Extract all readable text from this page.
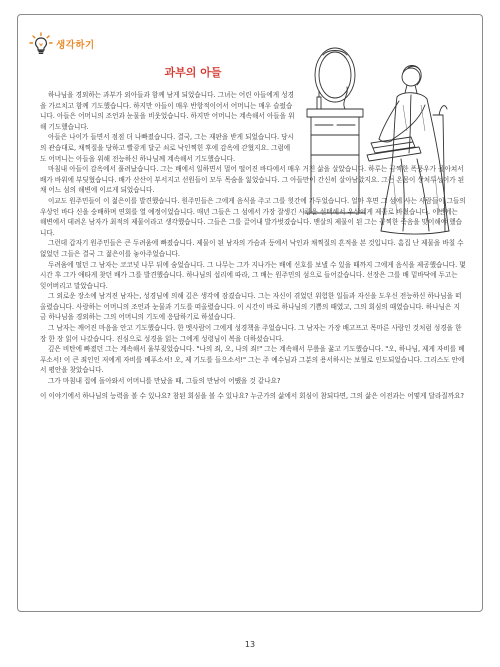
생각하기
과부의 아들

하나님을 경외하는 과부가 외아들과 함께 남게 되었습니다. 그녀는 어린 아들에게 성경을 가르치고 함께 기도했습니다. 하지만 아들이 매우 반항적이어서 어머니는 매우 슬펐습니다. 아들은 어머니의 조언과 눈물을 비웃었습니다. 하지만 어머니는 계속해서 아들을 위해 기도했습니다.

아들은 나이가 들면서 점점 더 나빠졌습니다. 결국, 그는 재판을 받게 되었습니다. 당시의 관습대로, 채찍질을 당하고 빨갛게 달군 쇠로 낙인찍힌 후에 감옥에 갇혔지요. 그럼에도 어머니는 아들을 위해 전능하신 하나님께 계속해서 기도했습니다.

마침내 아들이 감옥에서 풀려났습니다. 그는 배에서 일하면서 멀어 떨어진 바다에서 매우 거친 삶을 살았습니다. 하루는 끔찍한 폭풍우가 몰아쳐서 배가 바위에 부딪혔습니다. 배가 산산이 부서지고 선원들이 모두 목숨을 잃었습니다. 그 아들만이 간신히 살아남았지요. 그는 온몸이 상처투성이가 된 채 어느 섬의 해변에 이르게 되었습니다.

이교도 원주민들이 이 젊은이를 발견했습니다. 원주민들은 그에게 음식을 주고 그를 헛간에 가두었습니다. 얼마 후면 그 섬에 사는 사람들이 그들의 우상인 바다 신을 숭배하며 연회를 열 예정이었습니다. 매년 그들은 그 섬에서 가장 잘생긴 사람을 선택해서 우상에게 제물로 바쳤습니다. 이번에는 해변에서 데려온 남자가 최적의 제물이라고 생각했습니다. 그들은 그를 끌어내 발가벗겼습니다. 맨살의 제물이 된 그는 끔찍한 죽음을 맞이해야 했습니다.

그런데 갑자기 원주민들은 큰 두려움에 빠졌습니다. 제물이 된 남자의 가슴과 등에서 낙인과 채찍질의 흔적을 본 것입니다. 흠집 난 제물을 바칠 수 없었던 그들은 결국 그 젊은이를 놓아주었습니다.

두려움에 떨던 그 남자는 코코넛 나무 뒤에 숨었습니다. 그 나무는 그가 지나가는 배에 신호를 보낼 수 있을 때까지 그에게 음식을 제공했습니다. 몇시간 후 그가 애타게 찾던 배가 그를 발견했습니다. 하나님의 섭리에 따라, 그 배는 원주민의 섬으로 들어갔습니다. 선장은 그를 배 밑바닥에 두고는 잊어버리고 말았습니다.

그 외로운 장소에 남겨진 남자는, 성경님에 의해 깊은 생각에 잠겼습니다. 그는 자신이 겪었던 위험한 일들과 자신을 도우신 전능하신 하나님을 떠올렸습니다. 사랑하는 어머니의 조언과 눈물과 기도를 떠올렸습니다. 이 시간이 바로 하나님의 기쁨의 때였고, 그의 회심의 때였습니다. 하나님은 지금 하나님을 경외하는 그의 어머니의 기도에 응답하기로 하셨습니다.

그 남자는 깨어진 마음을 안고 기도했습니다. 한 멧사람이 그에게 성경책을 주었습니다. 그 남자는 가장 배고프고 목마른 사람인 것처럼 성경을 한 장 한 장 읽어 나갔습니다. 진심으로 성경을 읽는 그에게 성령님이 복을 더하셨습니다.

깊은 비탄에 빠졌던 그는 계속해서 울부짖었습니다. "나의 죄, 오, 나의 죄!" 그는 계속해서 무릎을 꿇고 기도했습니다. "오, 하나님, 제게 자비를 베푸소서! 이 큰 죄인인 저에게 자비를 베푸소서! 오, 제 기도를 들으소서!" 그는 주 예수님과 그분의 용서하시는 보혈로 인도되었습니다. 그리스도 안에서 평안을 찾았습니다.

그가 마침내 집에 돌아와서 어머니를 만났을 때, 그들의 만남이 어땠을 것 같나요?

이 이야기에서 하나님의 능력을 볼 수 있나요? 참된 회심을 볼 수 있나요? 누군가의 삶에서 회심이 참되다면, 그의 삶은 이전과는 어떻게 달라질까요?

13
